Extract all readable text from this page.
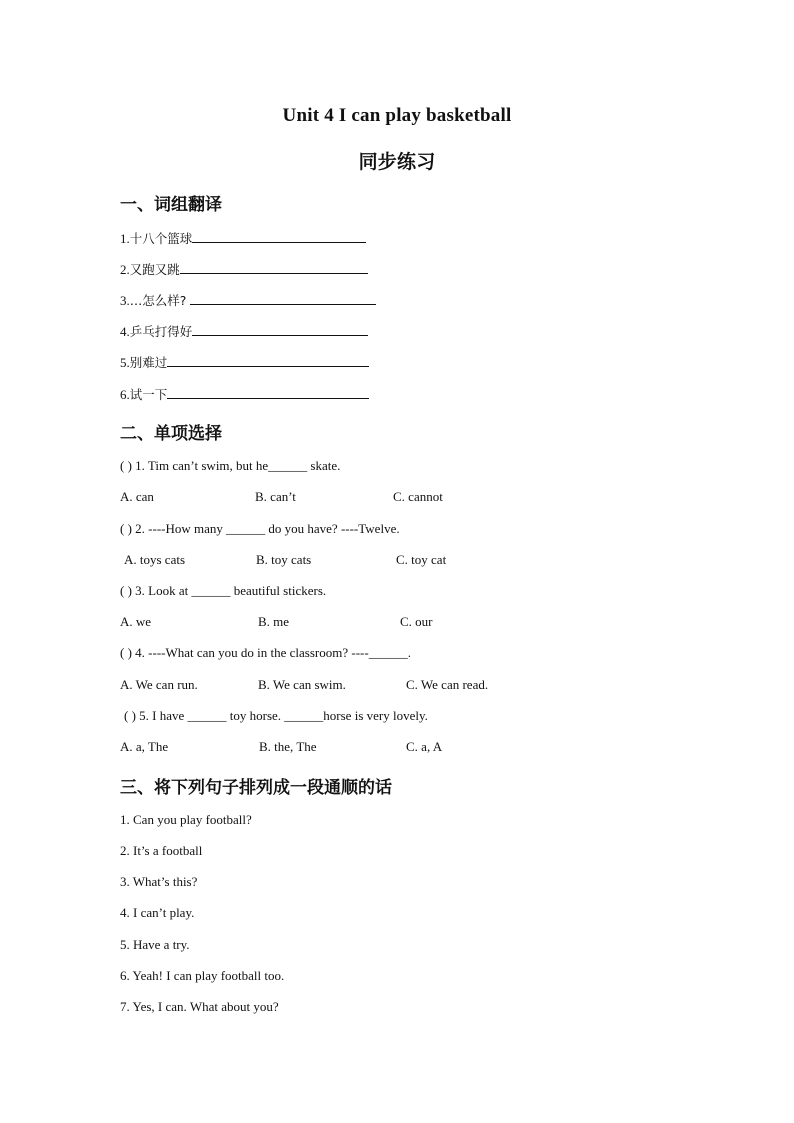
Unit 4 I can play basketball
同步练习
一、词组翻译
1.十八个篮球
2.又跑又跳
3.…怎么样?
4.乒乓打得好
5.别难过
6.试一下
二、单项选择
( ) 1. Tim can’t swim, but he______ skate.
A. can	B. can’t	C. cannot
( ) 2. ----How many ______ do you have? ----Twelve.
A. toys cats	B. toy cats	C. toy cat
( ) 3. Look at ______ beautiful stickers.
A. we	B. me	C. our
( ) 4. ----What can you do in the classroom? ----______.
A. We can run.	B. We can swim.	C. We can read.
( ) 5. I have ______ toy horse. ______horse is very lovely.
A. a, The	B. the, The	C. a, A
三、将下列句子排列成一段通顺的话
1. Can you play football?
2. It’s a football
3. What’s this?
4. I can’t play.
5. Have a try.
6. Yeah! I can play football too.
7. Yes, I can. What about you?
